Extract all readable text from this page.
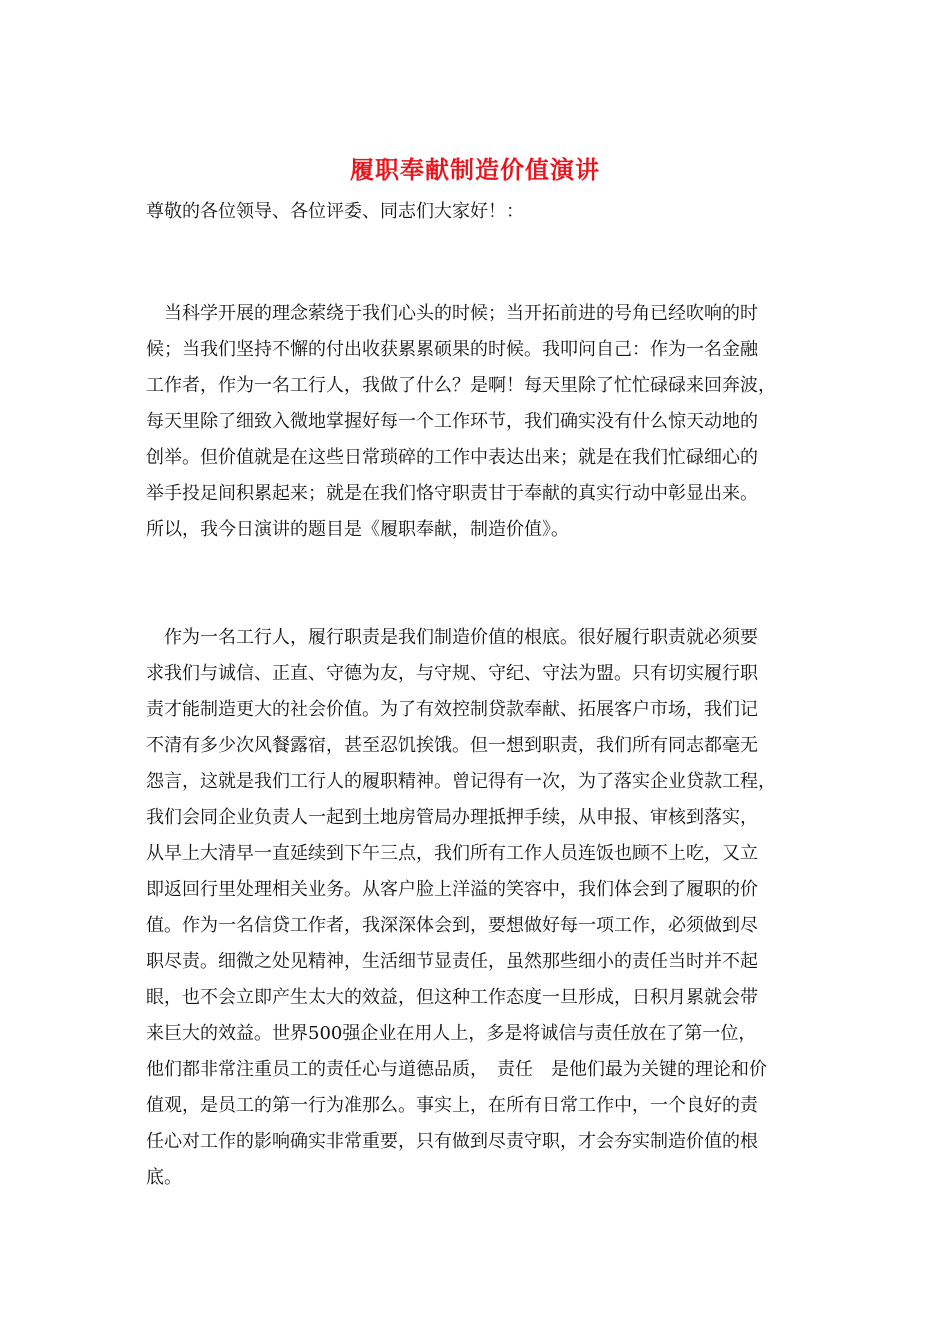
履职奉献制造价值演讲
尊敬的各位领导、各位评委、同志们大家好！：
　当科学开展的理念萦绕于我们心头的时候；当开拓前进的号角已经吹响的时
候；当我们坚持不懈的付出收获累累硕果的时候。我叩问自己：作为一名金融
工作者，作为一名工行人，我做了什么？是啊！每天里除了忙忙碌碌来回奔波，
每天里除了细致入微地掌握好每一个工作环节，我们确实没有什么惊天动地的
创举。但价值就是在这些日常琐碎的工作中表达出来；就是在我们忙碌细心的
举手投足间积累起来；就是在我们恪守职责甘于奉献的真实行动中彰显出来。
所以，我今日演讲的题目是《履职奉献，制造价值》。
　作为一名工行人，履行职责是我们制造价值的根底。很好履行职责就必须要
求我们与诚信、正直、守德为友，与守规、守纪、守法为盟。只有切实履行职
责才能制造更大的社会价值。为了有效控制贷款奉献、拓展客户市场，我们记
不清有多少次风餐露宿，甚至忍饥挨饿。但一想到职责，我们所有同志都毫无
怨言，这就是我们工行人的履职精神。曾记得有一次，为了落实企业贷款工程，
我们会同企业负责人一起到土地房管局办理抵押手续，从申报、审核到落实，
从早上大清早一直延续到下午三点，我们所有工作人员连饭也顾不上吃，又立
即返回行里处理相关业务。从客户脸上洋溢的笑容中，我们体会到了履职的价
值。作为一名信贷工作者，我深深体会到，要想做好每一项工作，必须做到尽
职尽责。细微之处见精神，生活细节显责任，虽然那些细小的责任当时并不起
眼，也不会立即产生太大的效益，但这种工作态度一旦形成，日积月累就会带
来巨大的效益。世界500强企业在用人上，多是将诚信与责任放在了第一位，
他们都非常注重员工的责任心与道德品质，　责任　是他们最为关键的理论和价
值观，是员工的第一行为准那么。事实上，在所有日常工作中，一个良好的责
任心对工作的影响确实非常重要，只有做到尽责守职，才会夯实制造价值的根
底。
